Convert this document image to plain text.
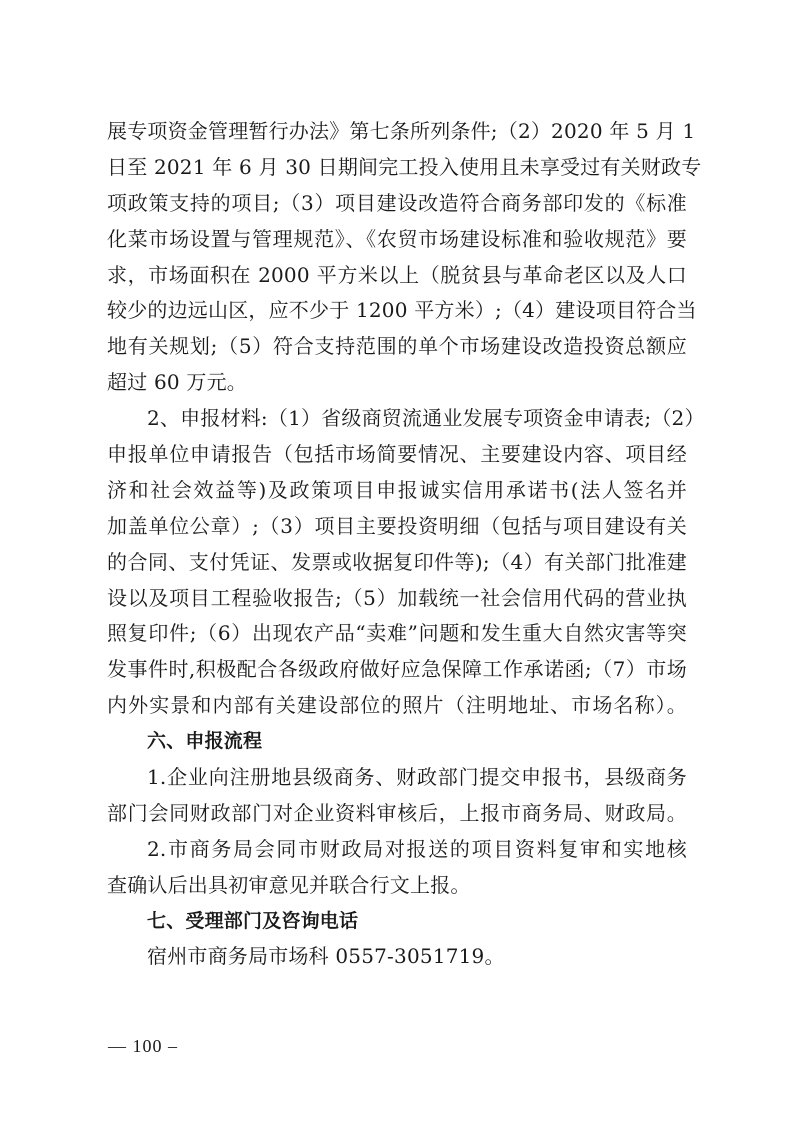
展专项资金管理暂行办法》第七条所列条件;（2）2020 年 5 月 1
日至 2021 年 6 月 30 日期间完工投入使用且未享受过有关财政专
项政策支持的项目;（3）项目建设改造符合商务部印发的《标准
化菜市场设置与管理规范》、《农贸市场建设标准和验收规范》要
求，市场面积在 2000 平方米以上（脱贫县与革命老区以及人口
较少的边远山区，应不少于 1200 平方米）;（4）建设项目符合当
地有关规划;（5）符合支持范围的单个市场建设改造投资总额应
超过 60 万元。
2、申报材料:（1）省级商贸流通业发展专项资金申请表;（2）
申报单位申请报告（包括市场简要情况、主要建设内容、项目经
济和社会效益等)及政策项目申报诚实信用承诺书(法人签名并
加盖单位公章）;（3）项目主要投资明细（包括与项目建设有关
的合同、支付凭证、发票或收据复印件等);（4）有关部门批准建
设以及项目工程验收报告;（5）加载统一社会信用代码的营业执
照复印件;（6）出现农产品“卖难”问题和发生重大自然灾害等突
发事件时,积极配合各级政府做好应急保障工作承诺函;（7）市场
内外实景和内部有关建设部位的照片（注明地址、市场名称）。
六、申报流程
1.企业向注册地县级商务、财政部门提交申报书，县级商务
部门会同财政部门对企业资料审核后，上报市商务局、财政局。
2.市商务局会同市财政局对报送的项目资料复审和实地核
查确认后出具初审意见并联合行文上报。
七、受理部门及咨询电话
宿州市商务局市场科 0557-3051719。
— 100 –
